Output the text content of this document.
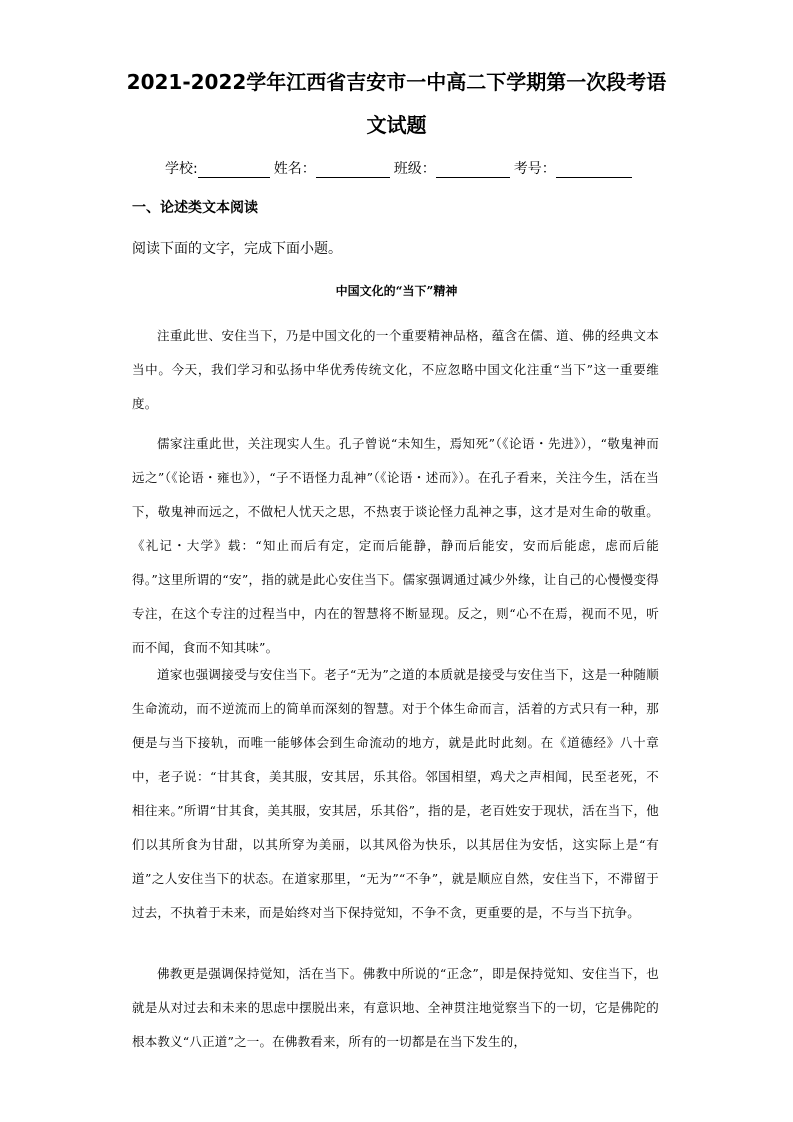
2021-2022学年江西省吉安市一中高二下学期第一次段考语
文试题
学校:	姓名：	班级：	考号：
一、论述类文本阅读
阅读下面的文字，完成下面小题。
中国文化的“当下”精神

注重此世、安住当下，乃是中国文化的一个重要精神品格，蕴含在儒、道、佛的经典文本当中。今天，我们学习和弘扬中华优秀传统文化，不应忽略中国文化注重“当下”这一重要维度。

儒家注重此世，关注现实人生。孔子曾说“未知生，焉知死”（《论语・先进》），“敬鬼神而远之”（《论语・雍也》），“子不语怪力乱神”（《论语・述而》）。在孔子看来，关注今生，活在当下，敬鬼神而远之，不做杞人忧天之思，不热衷于谈论怪力乱神之事，这才是对生命的敬重。《礼记・大学》载：“知止而后有定，定而后能静，静而后能安，安而后能虑，虑而后能得。”这里所谓的“安”，指的就是此心安住当下。儒家强调通过减少外缘，让自己的心慢慢变得专注，在这个专注的过程当中，内在的智慧将不断显现。反之，则“心不在焉，视而不见，听而不闻，食而不知其味”。

道家也强调接受与安住当下。老子“无为”之道的本质就是接受与安住当下，这是一种随顺生命流动，而不逆流而上的简单而深刻的智慧。对于个体生命而言，活着的方式只有一种，那便是与当下接轨，而唯一能够体会到生命流动的地方，就是此时此刻。在《道德经》八十章中，老子说：“甘其食，美其服，安其居，乐其俗。邻国相望，鸡犬之声相闻，民至老死，不相往来。”所谓“甘其食，美其服，安其居，乐其俗”，指的是，老百姓安于现状，活在当下，他们以其所食为甘甜，以其所穿为美丽，以其风俗为快乐，以其居住为安恬，这实际上是“有道”之人安住当下的状态。在道家那里，“无为”“不争”，就是顺应自然，安住当下，不滞留于过去，不执着于未来，而是始终对当下保持觉知，不争不贪，更重要的是，不与当下抗争。

佛教更是强调保持觉知，活在当下。佛教中所说的“正念”，即是保持觉知、安住当下，也就是从对过去和未来的思虑中摆脱出来，有意识地、全神贯注地觉察当下的一切，它是佛陀的根本教义“八正道”之一。在佛教看来，所有的一切都是在当下发生的，
